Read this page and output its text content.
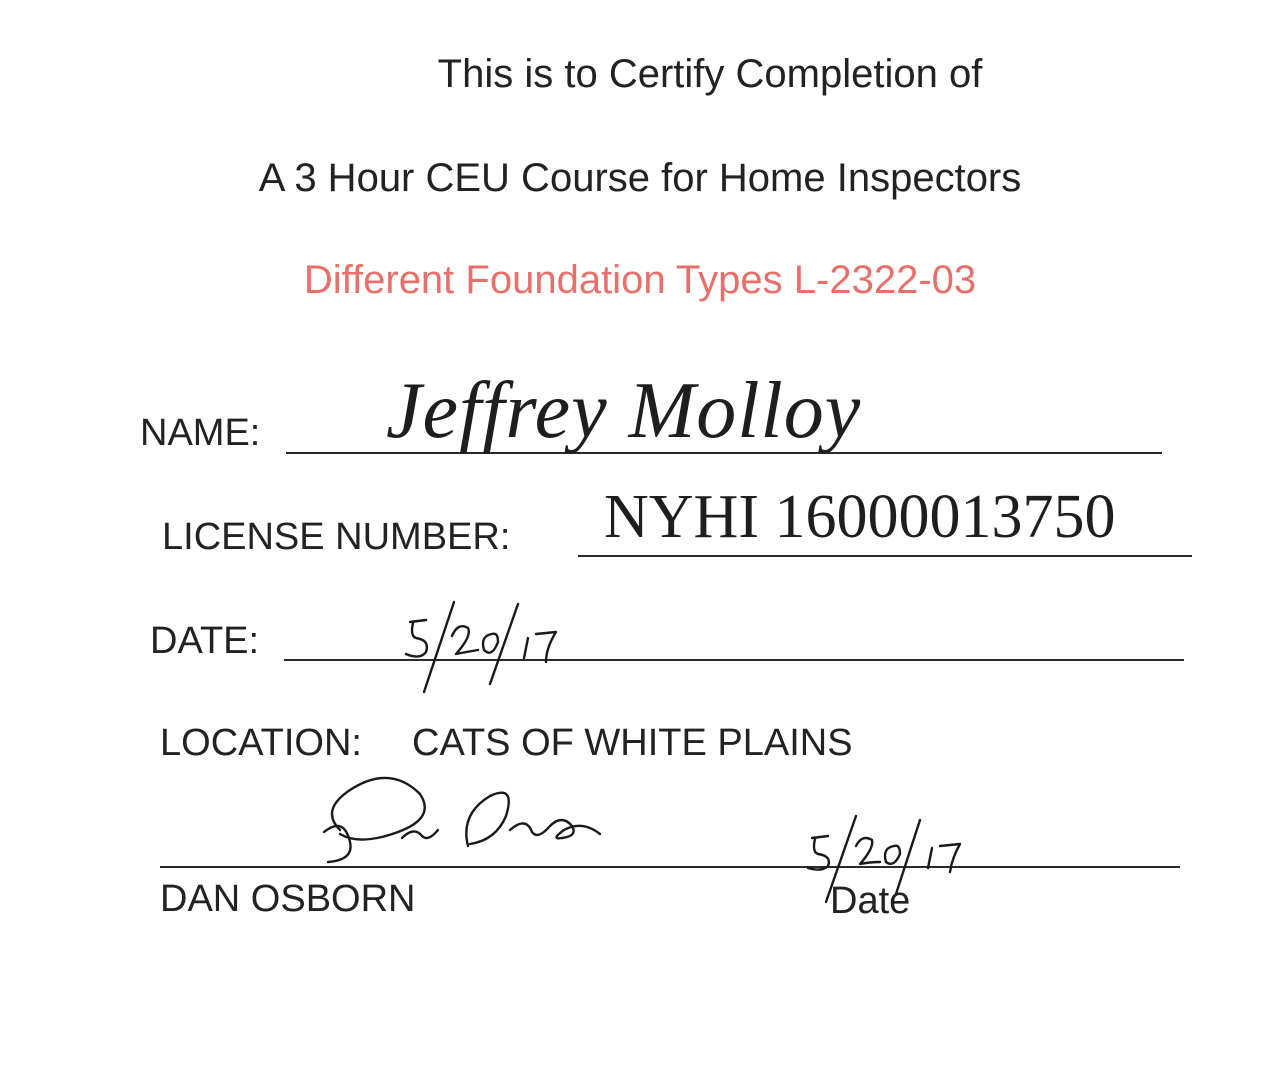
This is to Certify Completion of
A 3 Hour CEU Course for Home Inspectors
Different Foundation Types L-2322-03
NAME: Jeffrey Molloy
LICENSE NUMBER: NYHI 16000013750
DATE:
LOCATION: CATS OF WHITE PLAINS
DAN OSBORN	Date
